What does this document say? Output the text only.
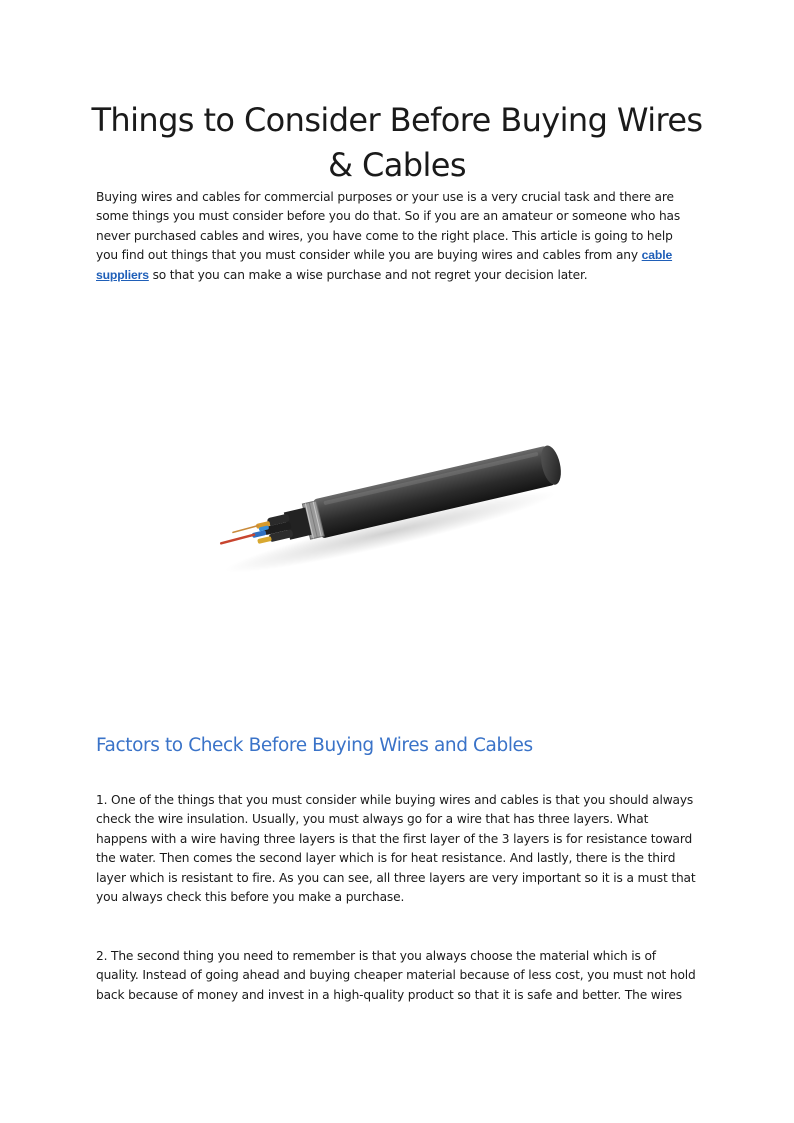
Things to Consider Before Buying Wires & Cables

Buying wires and cables for commercial purposes or your use is a very crucial task and there are some things you must consider before you do that. So if you are an amateur or someone who has never purchased cables and wires, you have come to the right place. This article is going to help you find out things that you must consider while you are buying wires and cables from any cable suppliers so that you can make a wise purchase and not regret your decision later.

Factors to Check Before Buying Wires and Cables

1. One of the things that you must consider while buying wires and cables is that you should always check the wire insulation. Usually, you must always go for a wire that has three layers. What happens with a wire having three layers is that the first layer of the 3 layers is for resistance toward the water. Then comes the second layer which is for heat resistance. And lastly, there is the third layer which is resistant to fire. As you can see, all three layers are very important so it is a must that you always check this before you make a purchase.

2. The second thing you need to remember is that you always choose the material which is of quality. Instead of going ahead and buying cheaper material because of less cost, you must not hold back because of money and invest in a high-quality product so that it is safe and better. The wires
